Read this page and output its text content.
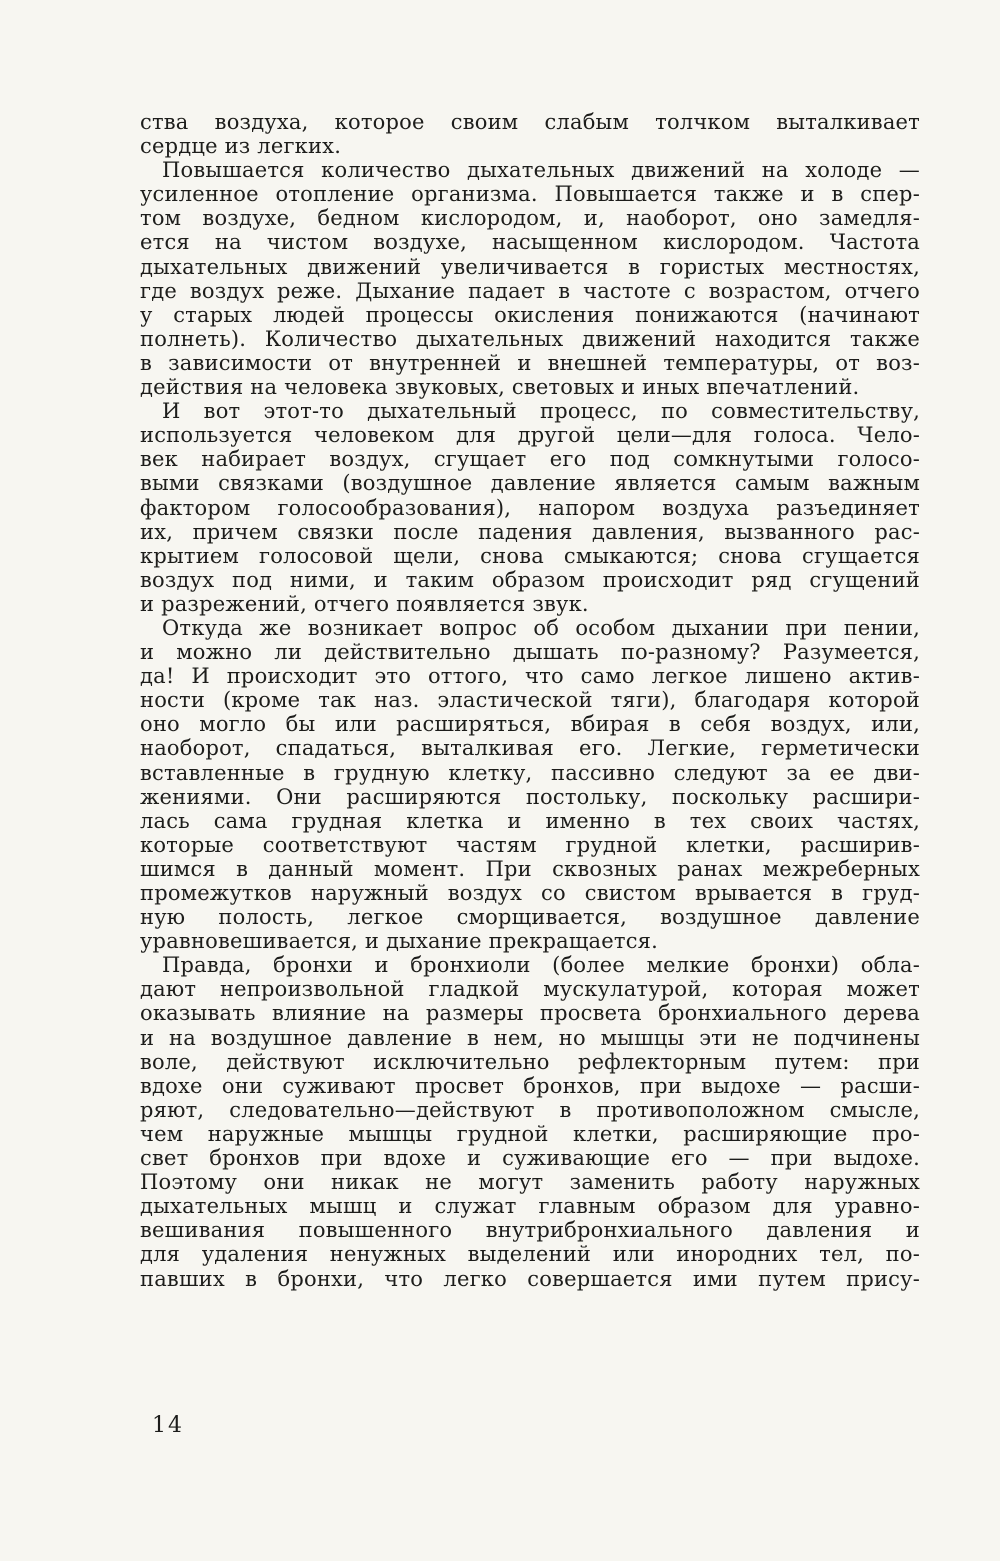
ства воздуха, которое своим слабым толчком выталкивает
сердце из легких.
Повышается количество дыхательных движений на холоде —
усиленное отопление организма. Повышается также и в спер-
том воздухе, бедном кислородом, и, наоборот, оно замедля-
ется на чистом воздухе, насыщенном кислородом. Частота
дыхательных движений увеличивается в гористых местностях,
где воздух реже. Дыхание падает в частоте с возрастом, отчего
у старых людей процессы окисления понижаются (начинают
полнеть). Количество дыхательных движений находится также
в зависимости от внутренней и внешней температуры, от воз-
действия на человека звуковых, световых и иных впечатлений.
И вот этот-то дыхательный процесс, по совместительству,
используется человеком для другой цели—для голоса. Чело-
век набирает воздух, сгущает его под сомкнутыми голосо-
выми связками (воздушное давление является самым важным
фактором голосообразования), напором воздуха разъединяет
их, причем связки после падения давления, вызванного рас-
крытием голосовой щели, снова смыкаются; снова сгущается
воздух под ними, и таким образом происходит ряд сгущений
и разрежений, отчего появляется звук.
Откуда же возникает вопрос об особом дыхании при пении,
и можно ли действительно дышать по-разному? Разумеется,
да! И происходит это оттого, что само легкое лишено актив-
ности (кроме так наз. эластической тяги), благодаря которой
оно могло бы или расширяться, вбирая в себя воздух, или,
наоборот, спадаться, выталкивая его. Легкие, герметически
вставленные в грудную клетку, пассивно следуют за ее дви-
жениями. Они расширяются постольку, поскольку расшири-
лась сама грудная клетка и именно в тех своих частях,
которые соответствуют частям грудной клетки, расширив-
шимся в данный момент. При сквозных ранах межреберных
промежутков наружный воздух со свистом врывается в груд-
ную полость, легкое сморщивается, воздушное давление
уравновешивается, и дыхание прекращается.
Правда, бронхи и бронхиоли (более мелкие бронхи) обла-
дают непроизвольной гладкой мускулатурой, которая может
оказывать влияние на размеры просвета бронхиального дерева
и на воздушное давление в нем, но мышцы эти не подчинены
воле, действуют исключительно рефлекторным путем: при
вдохе они суживают просвет бронхов, при выдохе — расши-
ряют, следовательно—действуют в противоположном смысле,
чем наружные мышцы грудной клетки, расширяющие про-
свет бронхов при вдохе и суживающие его — при выдохе.
Поэтому они никак не могут заменить работу наружных
дыхательных мышц и служат главным образом для уравно-
вешивания повышенного внутрибронхиального давления и
для удаления ненужных выделений или инородних тел, по-
павших в бронхи, что легко совершается ими путем прису-
14
